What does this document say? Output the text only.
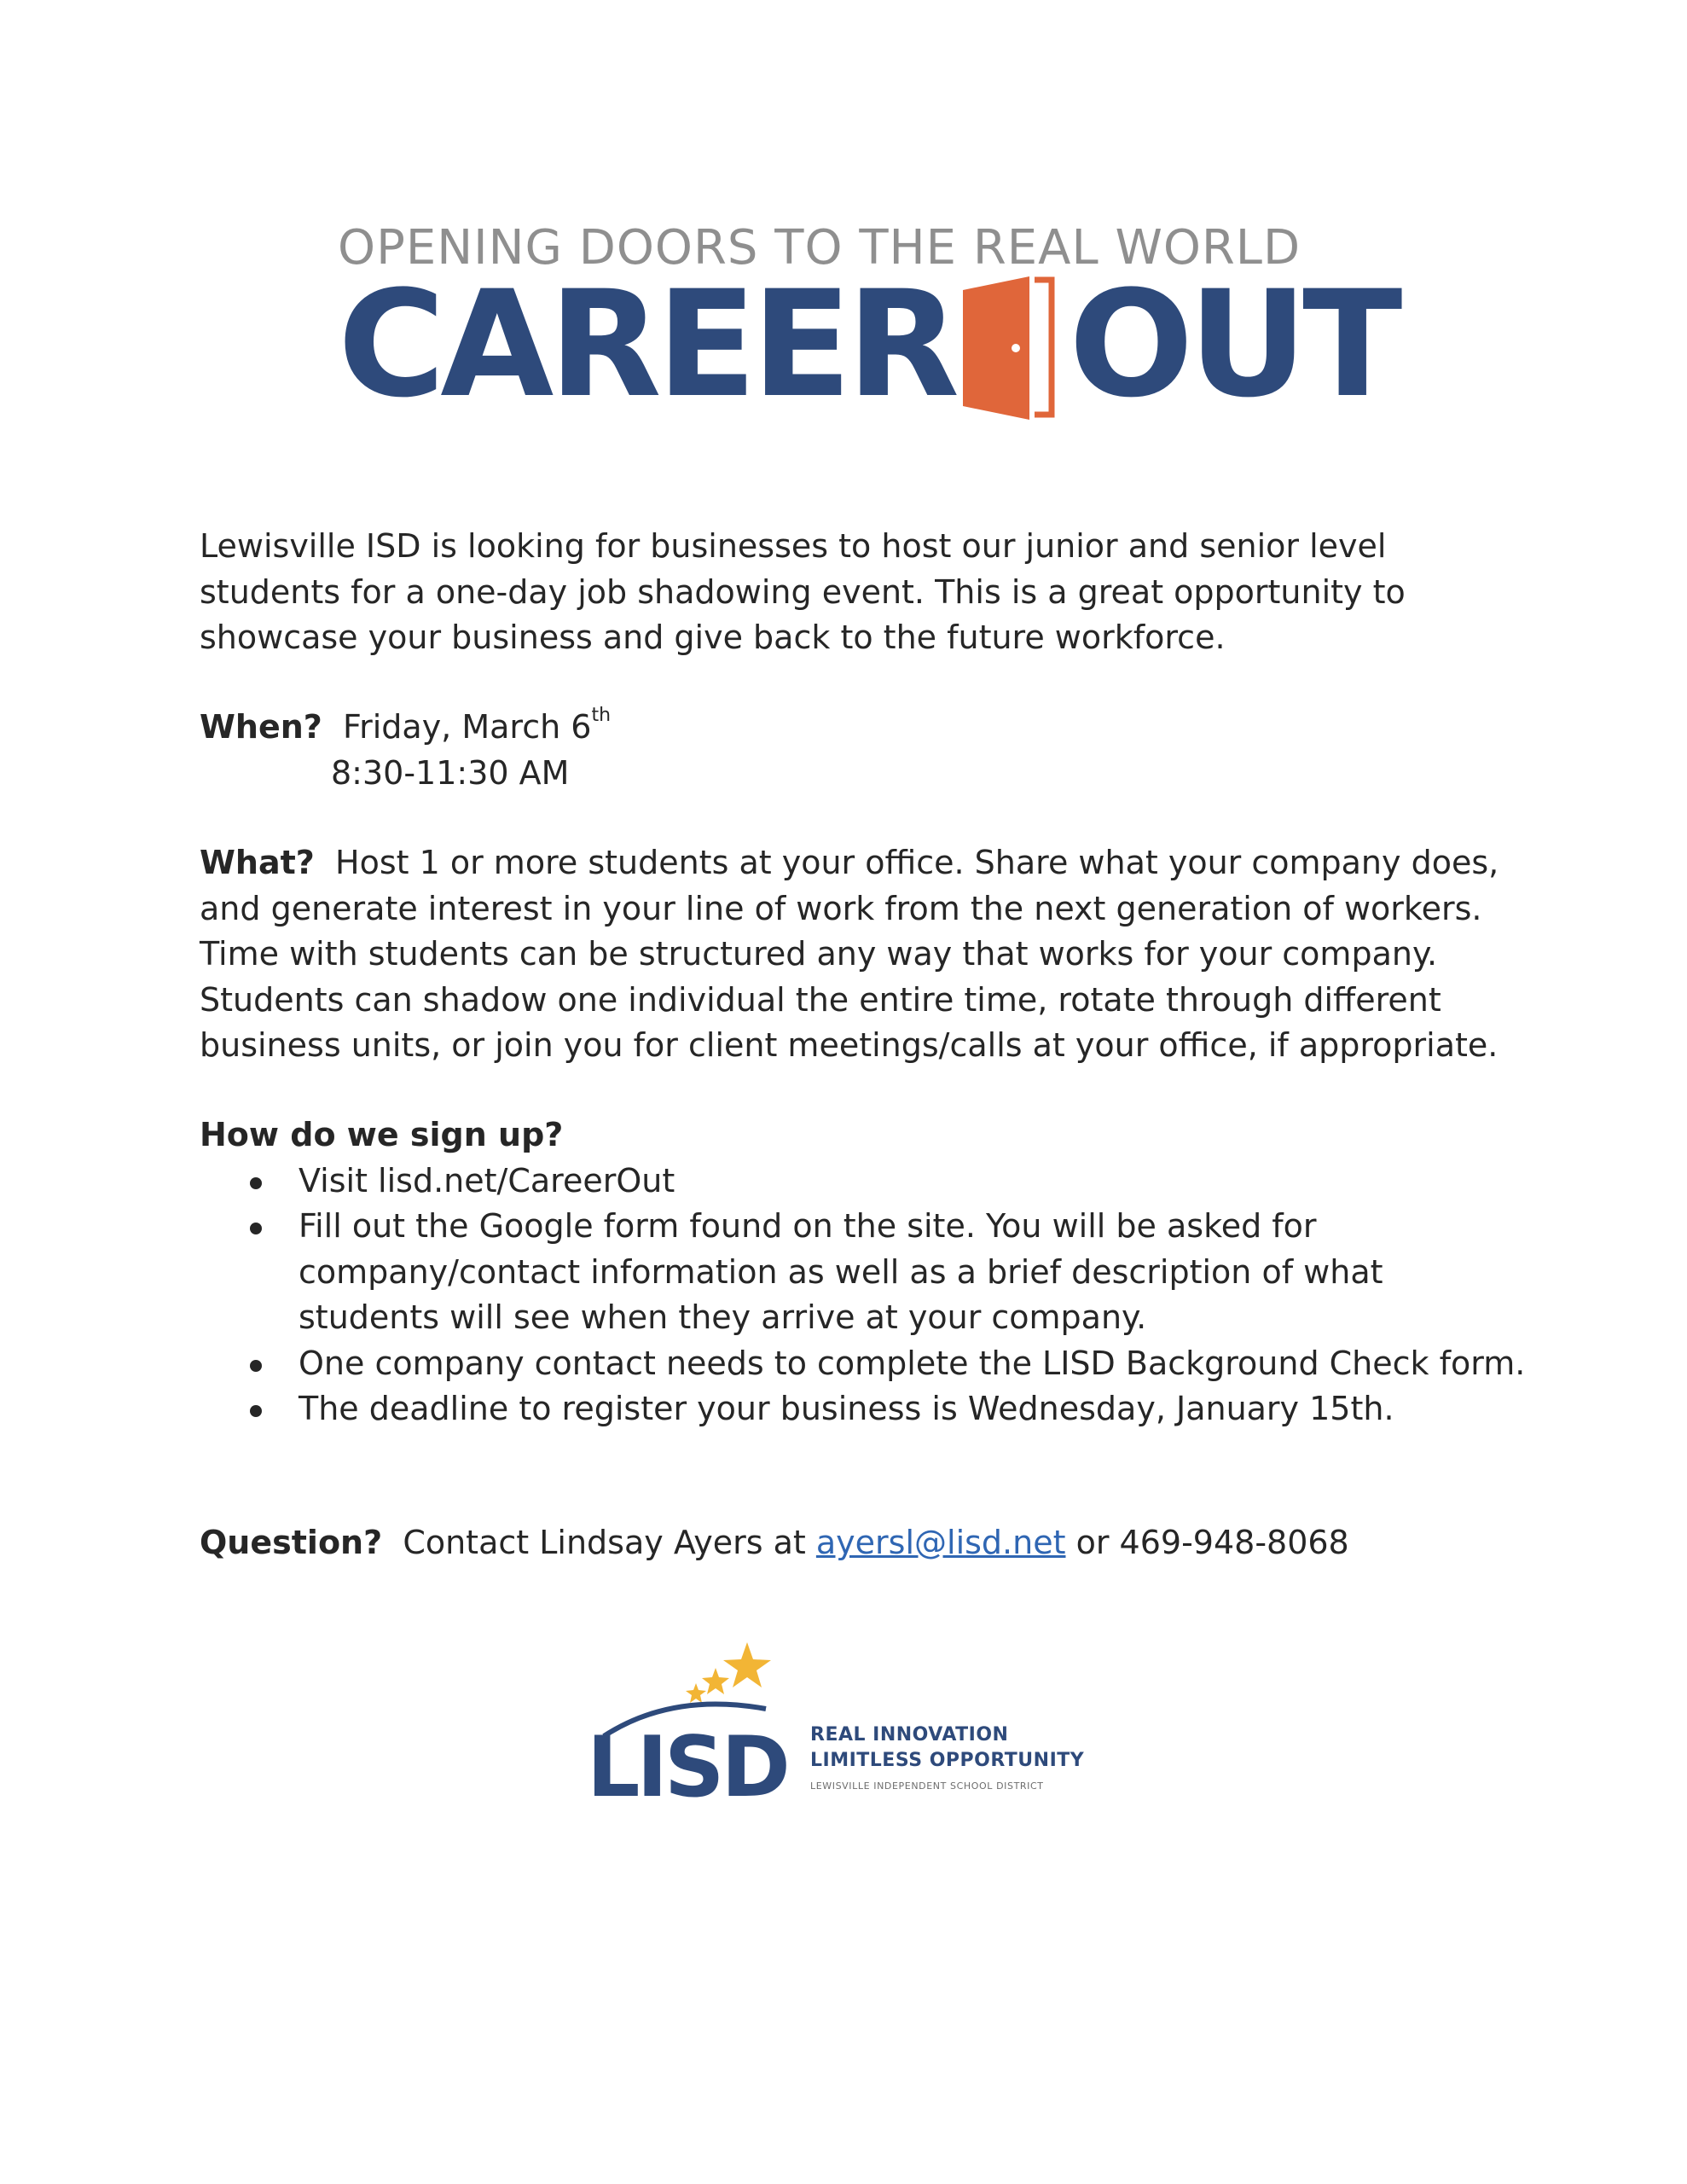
OPENING DOORS TO THE REAL WORLD
CAREER OUT

Lewisville ISD is looking for businesses to host our junior and senior level students for a one-day job shadowing event. This is a great opportunity to showcase your business and give back to the future workforce.

When? Friday, March 6th
8:30-11:30 AM

What? Host 1 or more students at your office. Share what your company does, and generate interest in your line of work from the next generation of workers. Time with students can be structured any way that works for your company. Students can shadow one individual the entire time, rotate through different business units, or join you for client meetings/calls at your office, if appropriate.

How do we sign up?

Visit lisd.net/CareerOut
Fill out the Google form found on the site. You will be asked for company/contact information as well as a brief description of what students will see when they arrive at your company.
One company contact needs to complete the LISD Background Check form.
The deadline to register your business is Wednesday, January 15th.

Question? Contact Lindsay Ayers at ayersl@lisd.net or 469-948-8068

LISD REAL INNOVATION
LIMITLESS OPPORTUNITY
LEWISVILLE INDEPENDENT SCHOOL DISTRICT
